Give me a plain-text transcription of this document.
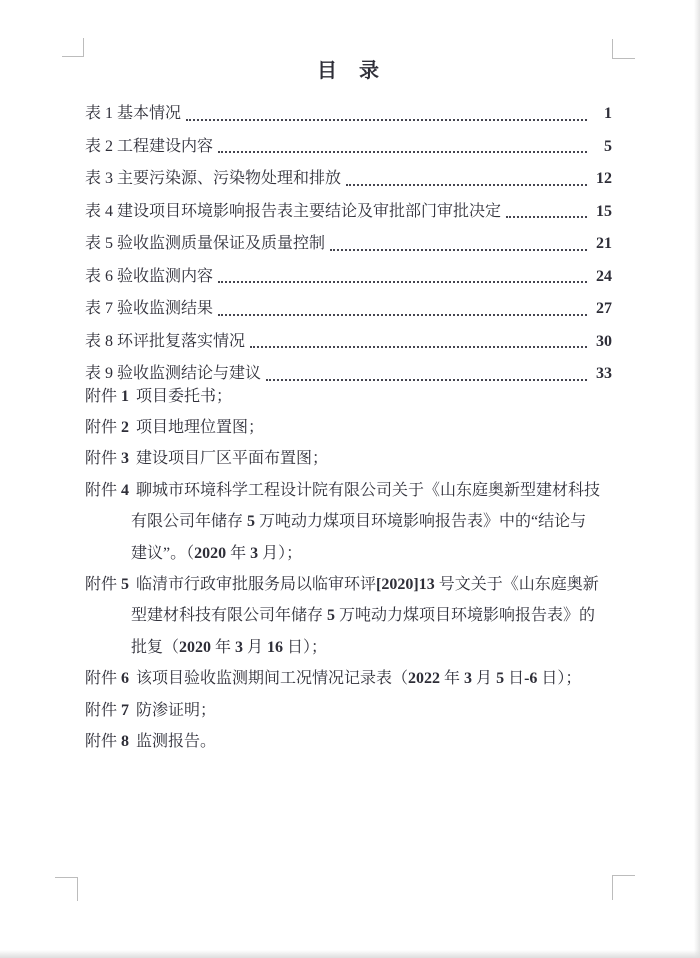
目　录
表 1 基本情况	1
表 2 工程建设内容	5
表 3 主要污染源、污染物处理和排放	12
表 4 建设项目环境影响报告表主要结论及审批部门审批决定	15
表 5 验收监测质量保证及质量控制	21
表 6 验收监测内容	24
表 7 验收监测结果	27
表 8 环评批复落实情况	30
表 9 验收监测结论与建议	33
附件 1 项目委托书；
附件 2 项目地理位置图；
附件 3 建设项目厂区平面布置图；
附件 4 聊城市环境科学工程设计院有限公司关于《山东庭奥新型建材科技
有限公司年储存 5 万吨动力煤项目环境影响报告表》中的“结论与
建议”。（2020 年 3 月）；
附件 5 临清市行政审批服务局以临审环评[2020]13 号文关于《山东庭奥新
型建材科技有限公司年储存 5 万吨动力煤项目环境影响报告表》的
批复（2020 年 3 月 16 日）；
附件 6 该项目验收监测期间工况情况记录表（2022 年 3 月 5 日-6 日）；
附件 7 防渗证明；
附件 8 监测报告。
